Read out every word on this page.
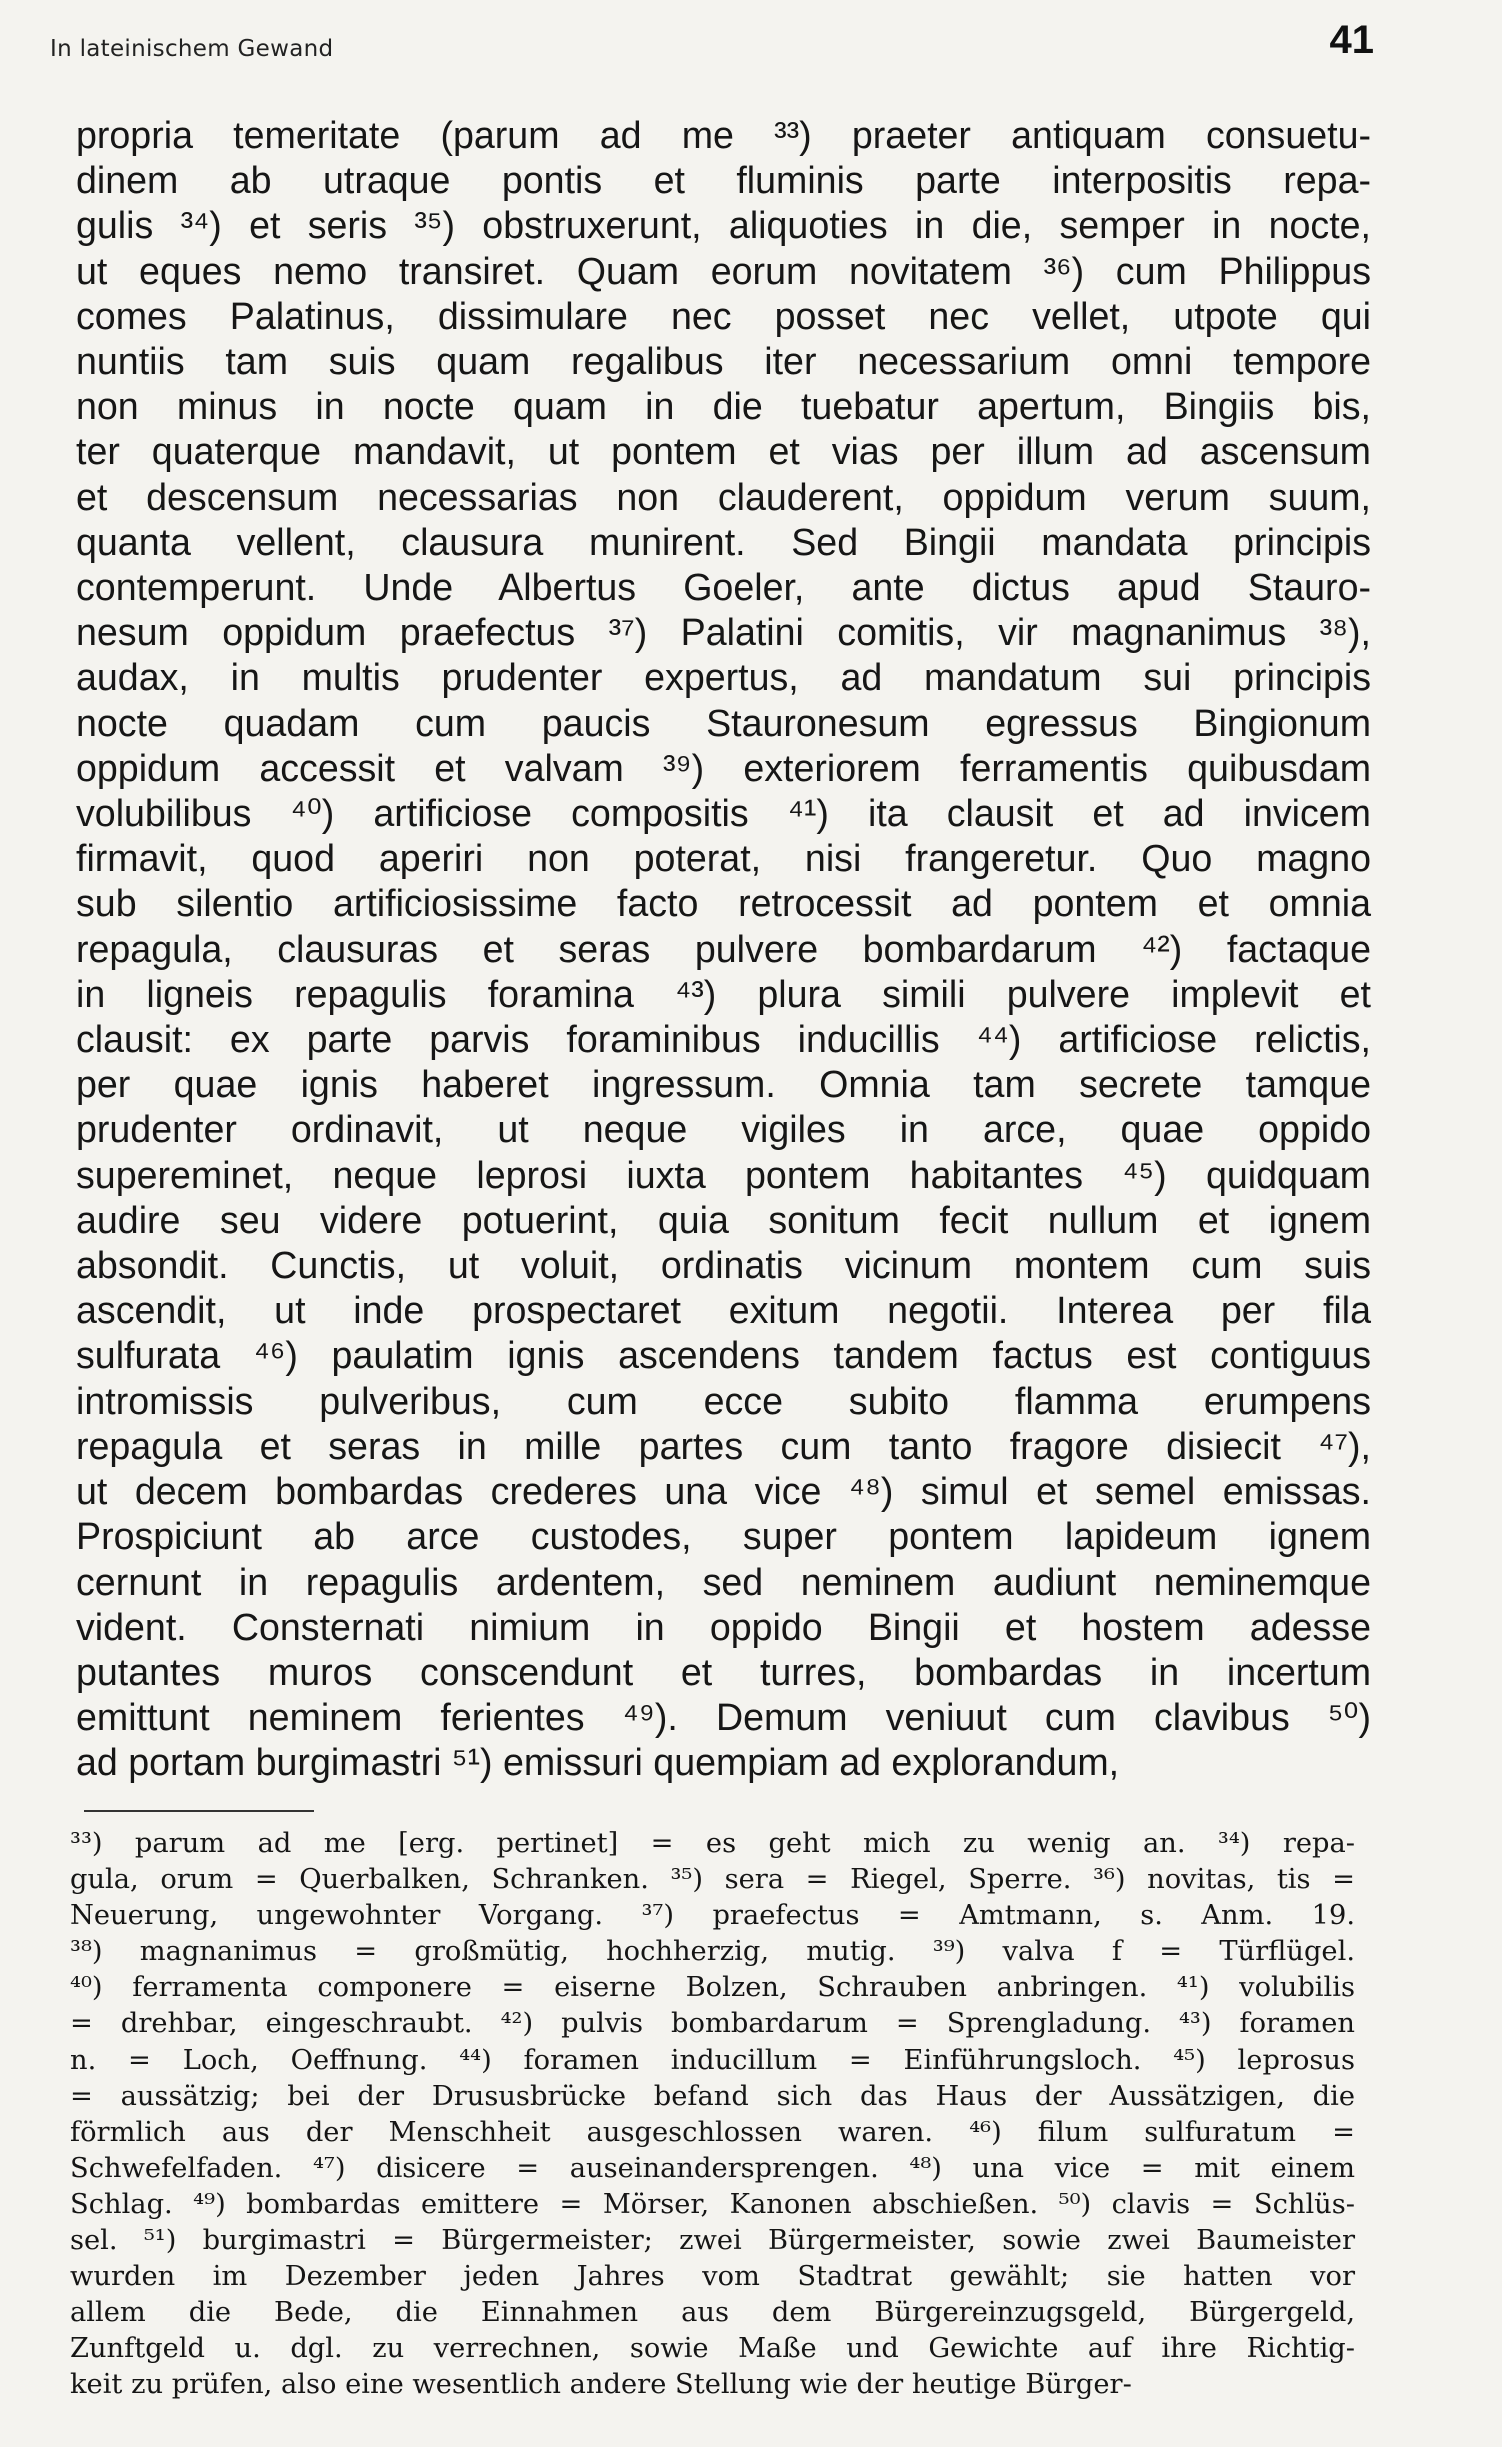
In lateinischem Gewand	41
propria temeritate (parum ad me ³³) praeter antiquam consuetu-
dinem ab utraque pontis et fluminis parte interpositis repa-
gulis ³⁴) et seris ³⁵) obstruxerunt, aliquoties in die, semper in nocte,
ut eques nemo transiret. Quam eorum novitatem ³⁶) cum Philippus
comes Palatinus, dissimulare nec posset nec vellet, utpote qui
nuntiis tam suis quam regalibus iter necessarium omni tempore
non minus in nocte quam in die tuebatur apertum, Bingiis bis,
ter quaterque mandavit, ut pontem et vias per illum ad ascensum
et descensum necessarias non clauderent, oppidum verum suum,
quanta vellent, clausura munirent. Sed Bingii mandata principis
contemperunt. Unde Albertus Goeler, ante dictus apud Stauro-
nesum oppidum praefectus ³⁷) Palatini comitis, vir magnanimus ³⁸),
audax, in multis prudenter expertus, ad mandatum sui principis
nocte quadam cum paucis Stauronesum egressus Bingionum
oppidum accessit et valvam ³⁹) exteriorem ferramentis quibusdam
volubilibus ⁴⁰) artificiose compositis ⁴¹) ita clausit et ad invicem
firmavit, quod aperiri non poterat, nisi frangeretur. Quo magno
sub silentio artificiosissime facto retrocessit ad pontem et omnia
repagula, clausuras et seras pulvere bombardarum ⁴²) factaque
in ligneis repagulis foramina ⁴³) plura simili pulvere implevit et
clausit: ex parte parvis foraminibus inducillis ⁴⁴) artificiose relictis,
per quae ignis haberet ingressum. Omnia tam secrete tamque
prudenter ordinavit, ut neque vigiles in arce, quae oppido
supereminet, neque leprosi iuxta pontem habitantes ⁴⁵) quidquam
audire seu videre potuerint, quia sonitum fecit nullum et ignem
absondit. Cunctis, ut voluit, ordinatis vicinum montem cum suis
ascendit, ut inde prospectaret exitum negotii. Interea per fila
sulfurata ⁴⁶) paulatim ignis ascendens tandem factus est contiguus
intromissis pulveribus, cum ecce subito flamma erumpens
repagula et seras in mille partes cum tanto fragore disiecit ⁴⁷),
ut decem bombardas crederes una vice ⁴⁸) simul et semel emissas.
Prospiciunt ab arce custodes, super pontem lapideum ignem
cernunt in repagulis ardentem, sed neminem audiunt neminemque
vident. Consternati nimium in oppido Bingii et hostem adesse
putantes muros conscendunt et turres, bombardas in incertum
emittunt neminem ferientes ⁴⁹). Demum veniuut cum clavibus ⁵⁰)
ad portam burgimastri ⁵¹) emissuri quempiam ad explorandum,
³³) parum ad me [erg. pertinet] = es geht mich zu wenig an. ³⁴) repa-
gula, orum = Querbalken, Schranken. ³⁵) sera = Riegel, Sperre. ³⁶) novitas, tis =
Neuerung, ungewohnter Vorgang. ³⁷) praefectus = Amtmann, s. Anm. 19.
³⁸) magnanimus = großmütig, hochherzig, mutig. ³⁹) valva f = Türflügel.
⁴⁰) ferramenta componere = eiserne Bolzen, Schrauben anbringen. ⁴¹) volubilis
= drehbar, eingeschraubt. ⁴²) pulvis bombardarum = Sprengladung. ⁴³) foramen
n. = Loch, Oeffnung. ⁴⁴) foramen inducillum = Einführungsloch. ⁴⁵) leprosus
= aussätzig; bei der Drususbrücke befand sich das Haus der Aussätzigen, die
förmlich aus der Menschheit ausgeschlossen waren. ⁴⁶) filum sulfuratum =
Schwefelfaden. ⁴⁷) disicere = auseinandersprengen. ⁴⁸) una vice = mit einem
Schlag. ⁴⁹) bombardas emittere = Mörser, Kanonen abschießen. ⁵⁰) clavis = Schlüs-
sel. ⁵¹) burgimastri = Bürgermeister; zwei Bürgermeister, sowie zwei Baumeister
wurden im Dezember jeden Jahres vom Stadtrat gewählt; sie hatten vor
allem die Bede, die Einnahmen aus dem Bürgereinzugsgeld, Bürgergeld,
Zunftgeld u. dgl. zu verrechnen, sowie Maße und Gewichte auf ihre Richtig-
keit zu prüfen, also eine wesentlich andere Stellung wie der heutige Bürger-
